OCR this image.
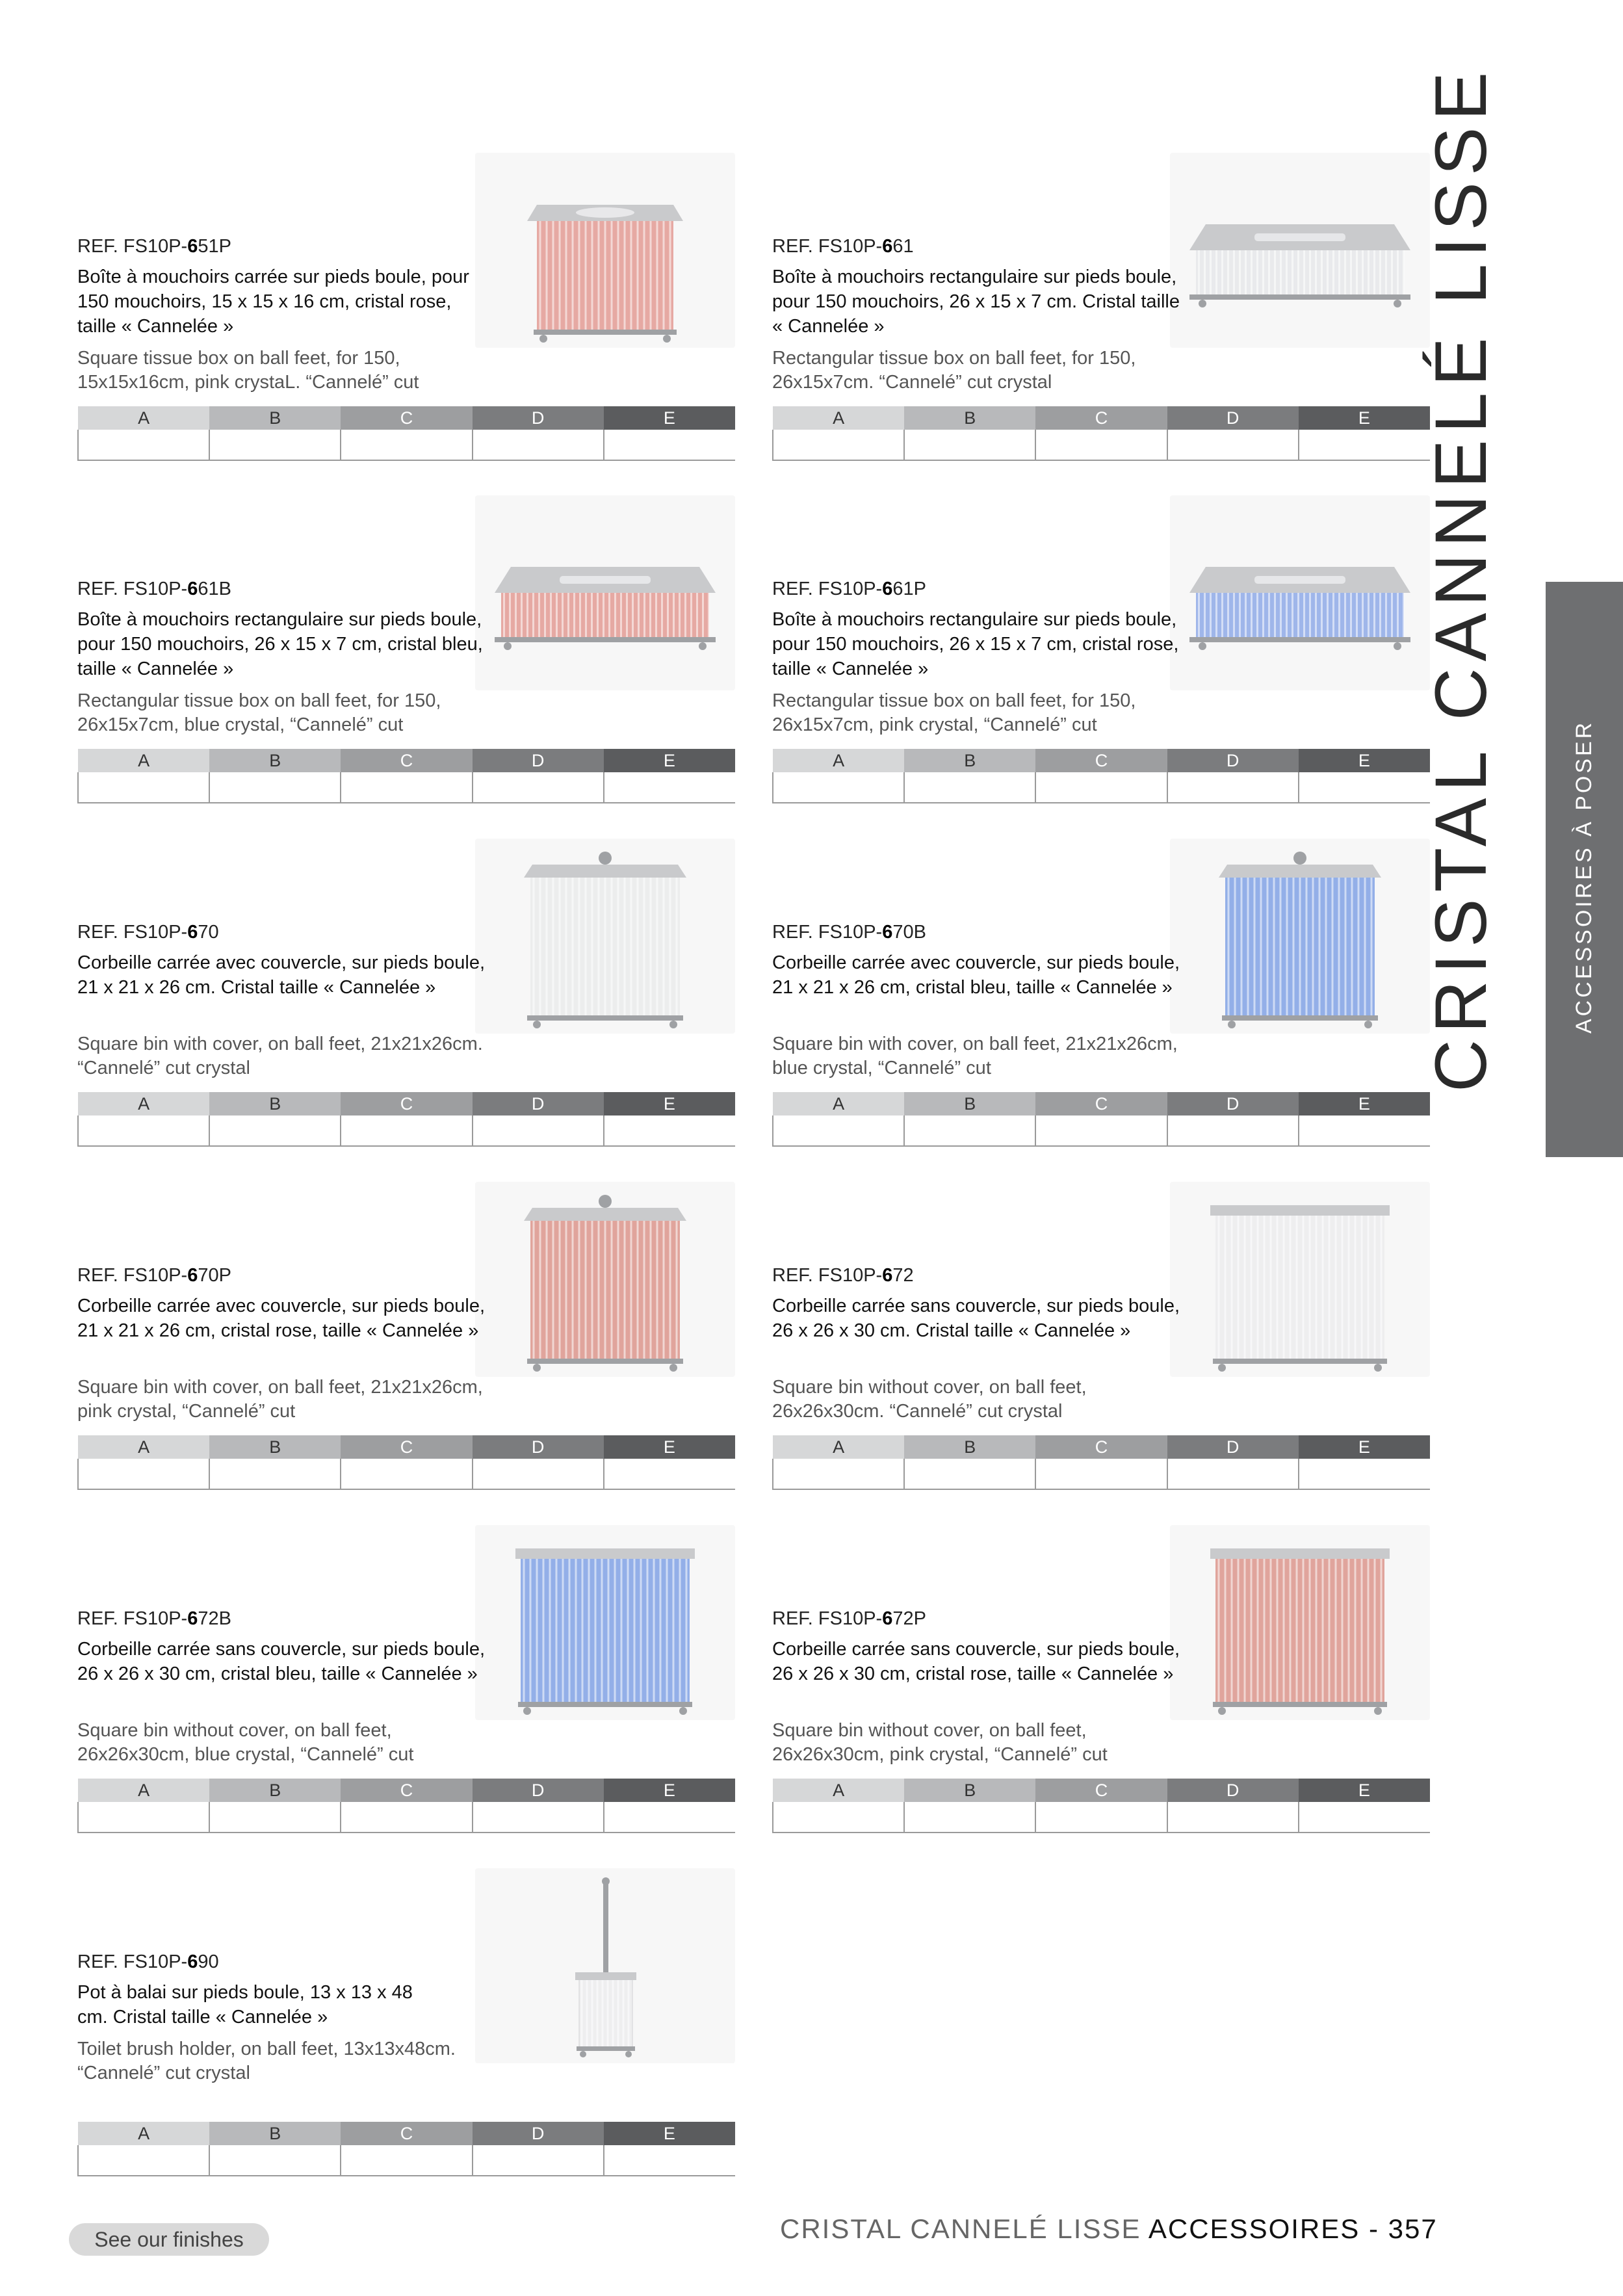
REF. FS10P-651P
Boîte à mouchoirs carrée sur pieds boule, pour 150 mouchoirs, 15 x 15 x 16 cm, cristal rose, taille « Cannelée »
Square tissue box on ball feet, for 150, 15x15x16cm, pink crystaL. “Cannelé” cut
A	B	C	D	E

REF. FS10P-661
Boîte à mouchoirs rectangulaire sur pieds boule, pour 150 mouchoirs, 26 x 15 x 7 cm. Cristal taille « Cannelée »
Rectangular tissue box on ball feet, for 150, 26x15x7cm. “Cannelé” cut crystal
A	B	C	D	E

REF. FS10P-661B
Boîte à mouchoirs rectangulaire sur pieds boule, pour 150 mouchoirs, 26 x 15 x 7 cm, cristal bleu, taille « Cannelée »
Rectangular tissue box on ball feet, for 150, 26x15x7cm, blue crystal, “Cannelé” cut
A	B	C	D	E

REF. FS10P-661P
Boîte à mouchoirs rectangulaire sur pieds boule, pour 150 mouchoirs, 26 x 15 x 7 cm, cristal rose, taille « Cannelée »
Rectangular tissue box on ball feet, for 150, 26x15x7cm, pink crystal, “Cannelé” cut
A	B	C	D	E

REF. FS10P-670
Corbeille carrée avec couvercle, sur pieds boule, 21 x 21 x 26 cm. Cristal taille « Cannelée »
Square bin with cover, on ball feet, 21x21x26cm. “Cannelé” cut crystal
A	B	C	D	E

REF. FS10P-670B
Corbeille carrée avec couvercle, sur pieds boule, 21 x 21 x 26 cm, cristal bleu, taille « Cannelée »
Square bin with cover, on ball feet, 21x21x26cm, blue crystal, “Cannelé” cut
A	B	C	D	E

REF. FS10P-670P
Corbeille carrée avec couvercle, sur pieds boule, 21 x 21 x 26 cm, cristal rose, taille « Cannelée »
Square bin with cover, on ball feet, 21x21x26cm, pink crystal, “Cannelé” cut
A	B	C	D	E

REF. FS10P-672
Corbeille carrée sans couvercle, sur pieds boule, 26 x 26 x 30 cm. Cristal taille « Cannelée »
Square bin without cover, on ball feet, 26x26x30cm. “Cannelé” cut crystal
A	B	C	D	E

REF. FS10P-672B
Corbeille carrée sans couvercle, sur pieds boule, 26 x 26 x 30 cm, cristal bleu, taille « Cannelée »
Square bin without cover, on ball feet, 26x26x30cm, blue crystal, “Cannelé” cut
A	B	C	D	E

REF. FS10P-672P
Corbeille carrée sans couvercle, sur pieds boule, 26 x 26 x 30 cm, cristal rose, taille « Cannelée »
Square bin without cover, on ball feet, 26x26x30cm, pink crystal, “Cannelé” cut
A	B	C	D	E

REF. FS10P-690
Pot à balai sur pieds boule, 13 x 13 x 48 cm. Cristal taille « Cannelée »
Toilet brush holder, on ball feet, 13x13x48cm. “Cannelé” cut crystal
A	B	C	D	E

CRISTAL CANNELÉ LISSE	ACCESSOIRES À POSER
CRISTAL CANNELÉ LISSE ACCESSOIRES - 357
See our finishes
